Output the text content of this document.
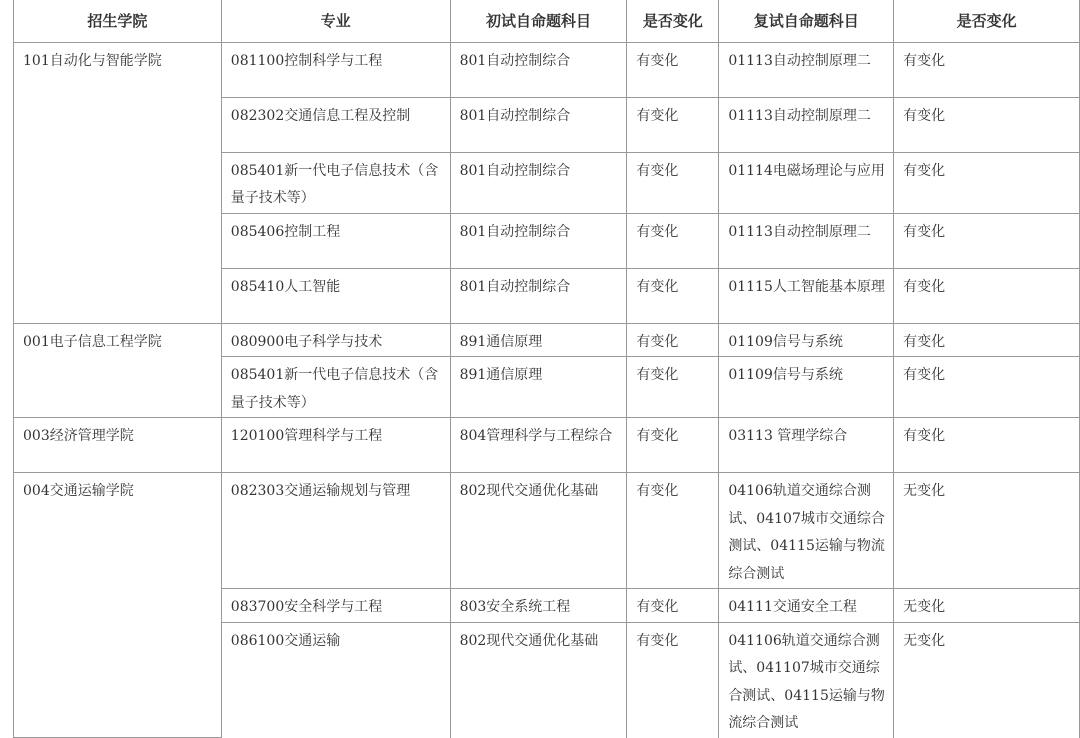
招生学院	专业	初试自命题科目	是否变化	复试自命题科目	是否变化
101自动化与智能学院	081100控制科学与工程	801自动控制综合	有变化	01113自动控制原理二	有变化
	082302交通信息工程及控制	801自动控制综合	有变化	01113自动控制原理二	有变化
	085401新一代电子信息技术（含量子技术等）	801自动控制综合	有变化	01114电磁场理论与应用	有变化
	085406控制工程	801自动控制综合	有变化	01113自动控制原理二	有变化
	085410人工智能	801自动控制综合	有变化	01115人工智能基本原理	有变化
001电子信息工程学院	080900电子科学与技术	891通信原理	有变化	01109信号与系统	有变化
	085401新一代电子信息技术（含量子技术等）	891通信原理	有变化	01109信号与系统	有变化
003经济管理学院	120100管理科学与工程	804管理科学与工程综合	有变化	03113 管理学综合	有变化
004交通运输学院	082303交通运输规划与管理	802现代交通优化基础	有变化	04106轨道交通综合测试、04107城市交通综合测试、04115运输与物流综合测试	无变化
	083700安全科学与工程	803安全系统工程	有变化	04111交通安全工程	无变化
	086100交通运输	802现代交通优化基础	有变化	041106轨道交通综合测试、041107城市交通综合测试、04115运输与物流综合测试	无变化
